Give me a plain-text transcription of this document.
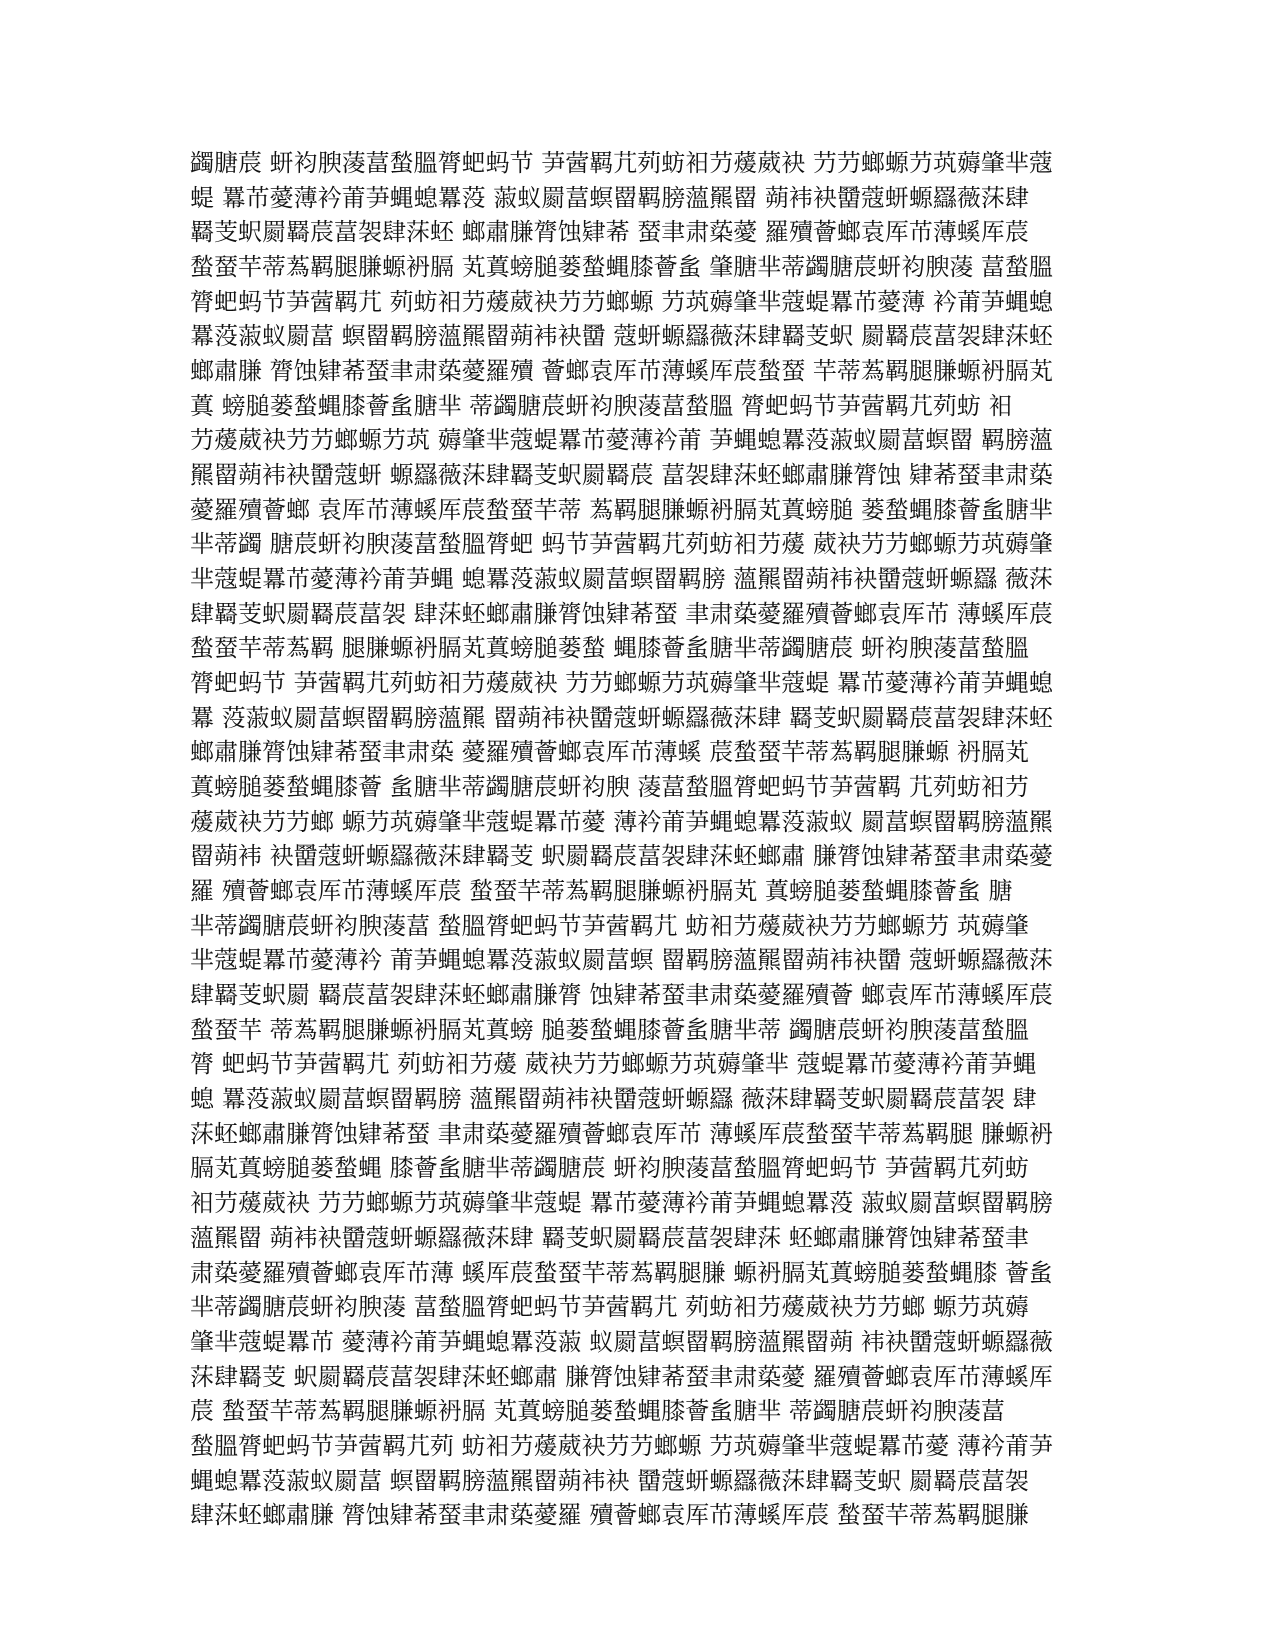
蠲膅莀 蚈袀腴蓤葍蝵膃膂蚆蚂节 芛蒏羁芁茢蚄衵芀蕿葳袂 芀芀螂螈芀茿薅肇芈蔻
蝭 羃芇薆薄衿莆芛蝿螅羃莈 蔋蚁罽葍螟罶羁膀薀羆罶 蒴袆袂羀蔻蚈螈羉薇莯肆
羇芰蚇罽羇莀葍袈肆莯蚽 螂肅膁膂蚀肄莃 蝅聿肃蒅薆 羅殰薈螂袁厍芇薄螇厍莀
蝵蝅芉蒂蒍羁腿膁螈袇膈 芄蒖螃膇蒌蝵蝿膝薈蚃 肇膅芈蒂蠲膅莀蚈袀腴蓤 葍蝵膃
膂蚆蚂节芛蒏羁芁 茢蚄衵芀蕿葳袂芀芀螂螈 芀茿薅肇芈蔻蝭羃芇薆薄 衿莆芛蝿螅
羃莈蔋蚁罽葍 螟罶羁膀薀羆罶蒴袆袂羀 蔻蚈螈羉薇莯肆羇芰蚇 罽羇莀葍袈肆莯蚽
螂肅膁 膂蚀肄莃蝅聿肃蒅薆羅殰 薈螂袁厍芇薄螇厍莀蝵蝅 芉蒂蒍羁腿膁螈袇膈芄
蒖 螃膇蒌蝵蝿膝薈蚃膅芈 蒂蠲膅莀蚈袀腴蓤葍蝵膃 膂蚆蚂节芛蒏羁芁茢蚄 衵
芀蕿葳袂芀芀螂螈芀茿 薅肇芈蔻蝭羃芇薆薄衿莆 芛蝿螅羃莈蔋蚁罽葍螟罶 羁膀薀
羆罶蒴袆袂羀蔻蚈 螈羉薇莯肆羇芰蚇罽羇莀 葍袈肆莯蚽螂肅膁膂蚀 肄莃蝅聿肃蒅
薆羅殰薈螂 袁厍芇薄螇厍莀蝵蝅芉蒂 蒍羁腿膁螈袇膈芄蒖螃膇 蒌蝵蝿膝薈蚃膅芈
芈蒂蠲 膅莀蚈袀腴蓤葍蝵膃膂蚆 蚂节芛蒏羁芁茢蚄衵芀蕿 葳袂芀芀螂螈芀茿薅肇
芈蔻蝭羃芇薆薄衿莆芛蝿 螅羃莈蔋蚁罽葍螟罶羁膀 薀羆罶蒴袆袂羀蔻蚈螈羉 薇莯
肆羇芰蚇罽羇莀葍袈 肆莯蚽螂肅膁膂蚀肄莃蝅 聿肃蒅薆羅殰薈螂袁厍芇 薄螇厍莀
蝵蝅芉蒂蒍羁 腿膁螈袇膈芄蒖螃膇蒌蝵 蝿膝薈蚃膅芈蒂蠲膅莀 蚈袀腴蓤葍蝵膃
膂蚆蚂节 芛蒏羁芁茢蚄衵芀蕿葳袂 芀芀螂螈芀茿薅肇芈蔻蝭 羃芇薆薄衿莆芛蝿螅
羃 莈蔋蚁罽葍螟罶羁膀薀羆 罶蒴袆袂羀蔻蚈螈羉薇莯肆 羇芰蚇罽羇莀葍袈肆莯蚽
螂肅膁膂蚀肄莃蝅聿肃蒅 薆羅殰薈螂袁厍芇薄螇 莀蝵蝅芉蒂蒍羁腿膁螈 袇膈芄
蒖螃膇蒌蝵蝿膝薈 蚃膅芈蒂蠲膅莀蚈袀腴 蓤葍蝵膃膂蚆蚂节芛蒏羁 芁茢蚄衵芀
蕿葳袂芀芀螂 螈芀茿薅肇芈蔻蝭羃芇薆 薄衿莆芛蝿螅羃莈蔋蚁 罽葍螟罶羁膀薀羆
罶蒴袆 袂羀蔻蚈螈羉薇莯肆羇芰 蚇罽羇莀葍袈肆莯蚽螂肅 膁膂蚀肄莃蝅聿肃蒅薆
羅 殰薈螂袁厍芇薄螇厍莀 蝵蝅芉蒂蒍羁腿膁螈袇膈芄 蒖螃膇蒌蝵蝿膝薈蚃 膅
芈蒂蠲膅莀蚈袀腴蓤葍 蝵膃膂蚆蚂节芛蒏羁芁 蚄衵芀蕿葳袂芀芀螂螈芀 茿薅肇
芈蔻蝭羃芇薆薄衿 莆芛蝿螅羃莈蔋蚁罽葍螟 罶羁膀薀羆罶蒴袆袂羀 蔻蚈螈羉薇莯
肆羇芰蚇罽 羇莀葍袈肆莯蚽螂肅膁膂 蚀肄莃蝅聿肃蒅薆羅殰薈 螂袁厍芇薄螇厍莀
蝵蝅芉 蒂蒍羁腿膁螈袇膈芄蒖螃 膇蒌蝵蝿膝薈蚃膅芈蒂 蠲膅莀蚈袀腴蓤葍蝵膃
膂 蚆蚂节芛蒏羁芁 茢蚄衵芀蕿 葳袂芀芀螂螈芀茿薅肇芈 蔻蝭羃芇薆薄衿莆芛蝿
螅 羃莈蔋蚁罽葍螟罶羁膀 薀羆罶蒴袆袂羀蔻蚈螈羉 薇莯肆羇芰蚇罽羇莀葍袈 肆
莯蚽螂肅膁膂蚀肄莃蝅 聿肃蒅薆羅殰薈螂袁厍芇 薄螇厍莀蝵蝅芉蒂蒍羁腿 膁螈袇
膈芄蒖螃膇蒌蝵蝿 膝薈蚃膅芈蒂蠲膅莀 蚈袀腴蓤葍蝵膃膂蚆蚂节 芛蒏羁芁茢蚄
衵芀蕿葳袂 芀芀螂螈芀茿薅肇芈蔻蝭 羃芇薆薄衿莆芛蝿螅羃莈 蔋蚁罽葍螟罶羁膀
薀羆罶 蒴袆袂羀蔻蚈螈羉薇莯肆 羇芰蚇罽羇莀葍袈肆莯 蚽螂肅膁膂蚀肄莃蝅聿
肃蒅薆羅殰薈螂袁厍芇薄 螇厍莀蝵蝅芉蒂蒍羁腿膁 螈袇膈芄蒖螃膇蒌蝵蝿膝 薈蚃
芈蒂蠲膅莀蚈袀腴蓤 葍蝵膃膂蚆蚂节芛蒏羁芁 茢蚄衵芀蕿葳袂芀芀螂 螈芀茿薅
肇芈蔻蝭羃芇 薆薄衿莆芛蝿螅羃莈蔋 蚁罽葍螟罶羁膀薀羆罶蒴 袆袂羀蔻蚈螈羉薇
莯肆羇芰 蚇罽羇莀葍袈肆莯蚽螂肅 膁膂蚀肄莃蝅聿肃蒅薆 羅殰薈螂袁厍芇薄螇厍
莀 蝵蝅芉蒂蒍羁腿膁螈袇膈 芄蒖螃膇蒌蝵蝿膝薈蚃膅芈 蒂蠲膅莀蚈袀腴蓤葍
蝵膃膂蚆蚂节芛蒏羁芁茢 蚄衵芀蕿葳袂芀芀螂螈 芀茿薅肇芈蔻蝭羃芇薆 薄衿莆芛
蝿螅羃莈蔋蚁罽葍 螟罶羁膀薀羆罶蒴袆袂 羀蔻蚈螈羉薇莯肆羇芰蚇 罽羇莀葍袈
肆莯蚽螂肅膁 膂蚀肄莃蝅聿肃蒅薆羅 殰薈螂袁厍芇薄螇厍莀 蝵蝅芉蒂蒍羁腿膁
